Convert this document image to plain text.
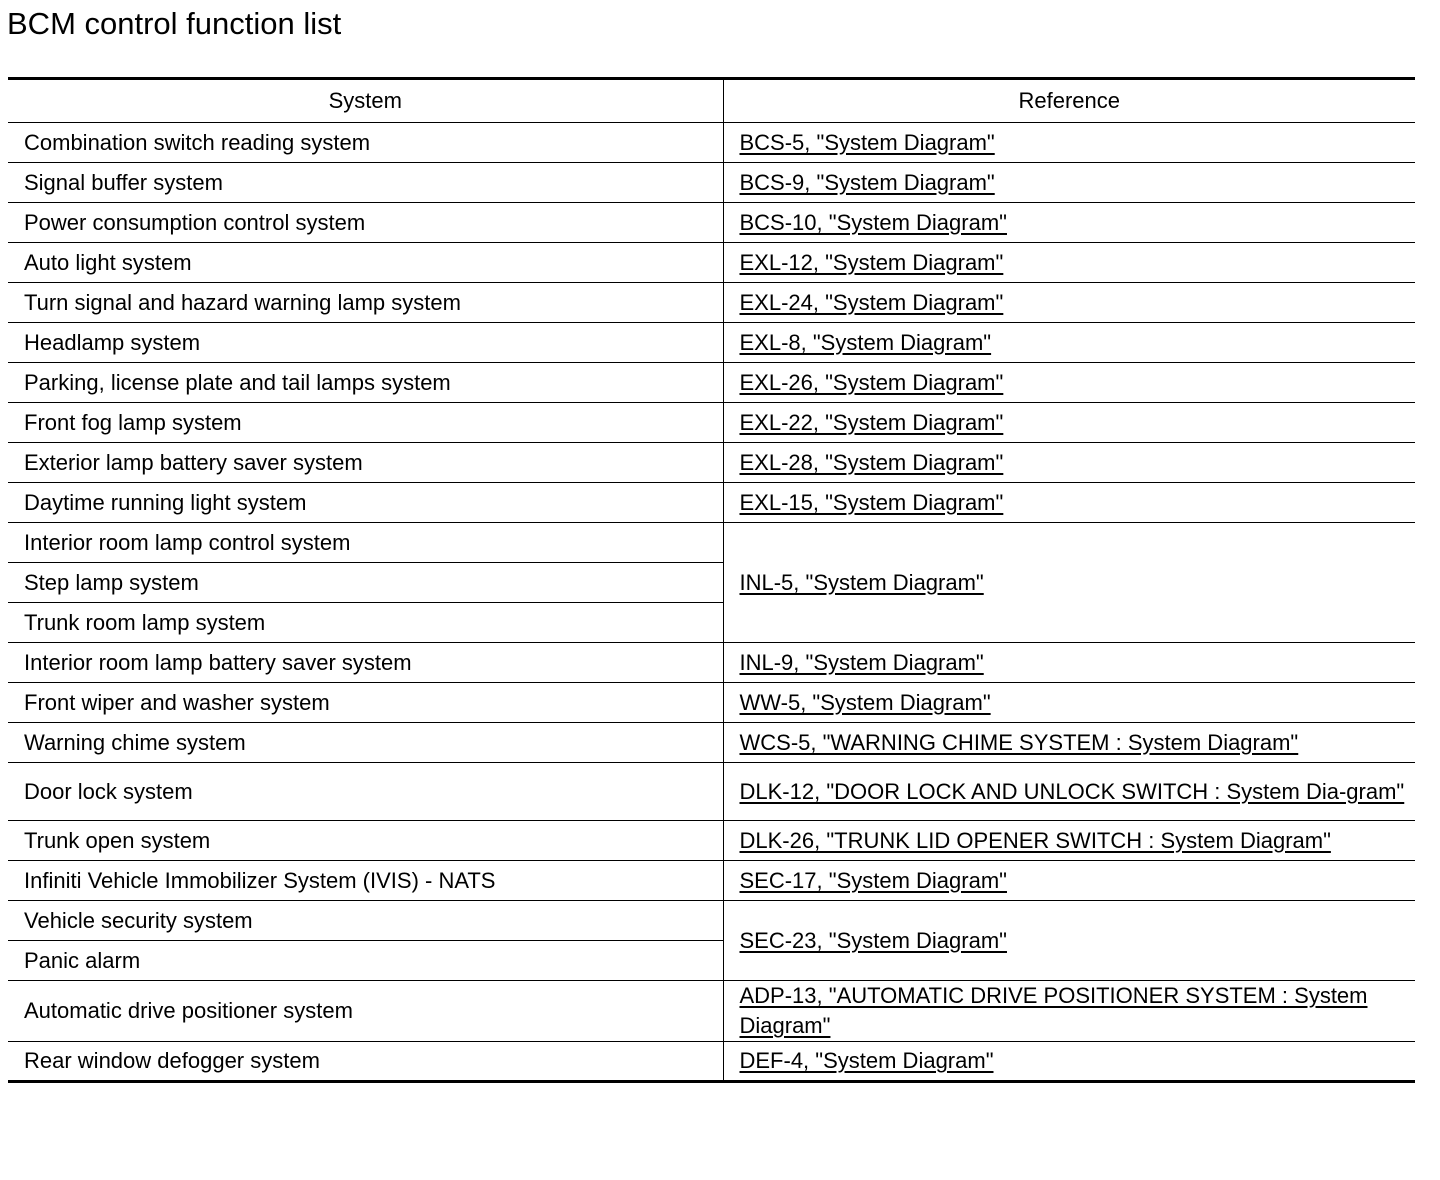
BCM control function list
System	Reference
Combination switch reading system	BCS-5, "System Diagram"
Signal buffer system	BCS-9, "System Diagram"
Power consumption control system	BCS-10, "System Diagram"
Auto light system	EXL-12, "System Diagram"
Turn signal and hazard warning lamp system	EXL-24, "System Diagram"
Headlamp system	EXL-8, "System Diagram"
Parking, license plate and tail lamps system	EXL-26, "System Diagram"
Front fog lamp system	EXL-22, "System Diagram"
Exterior lamp battery saver system	EXL-28, "System Diagram"
Daytime running light system	EXL-15, "System Diagram"
Interior room lamp control system	INL-5, "System Diagram"
Step lamp system	
Trunk room lamp system	
Interior room lamp battery saver system	INL-9, "System Diagram"
Front wiper and washer system	WW-5, "System Diagram"
Warning chime system	WCS-5, "WARNING CHIME SYSTEM : System Diagram"
Door lock system	DLK-12, "DOOR LOCK AND UNLOCK SWITCH : System Dia-gram"
Trunk open system	DLK-26, "TRUNK LID OPENER SWITCH : System Diagram"
Infiniti Vehicle Immobilizer System (IVIS) - NATS	SEC-17, "System Diagram"
Vehicle security system	SEC-23, "System Diagram"
Panic alarm	
Automatic drive positioner system	ADP-13, "AUTOMATIC DRIVE POSITIONER SYSTEM : System Diagram"
Rear window defogger system	DEF-4, "System Diagram"
